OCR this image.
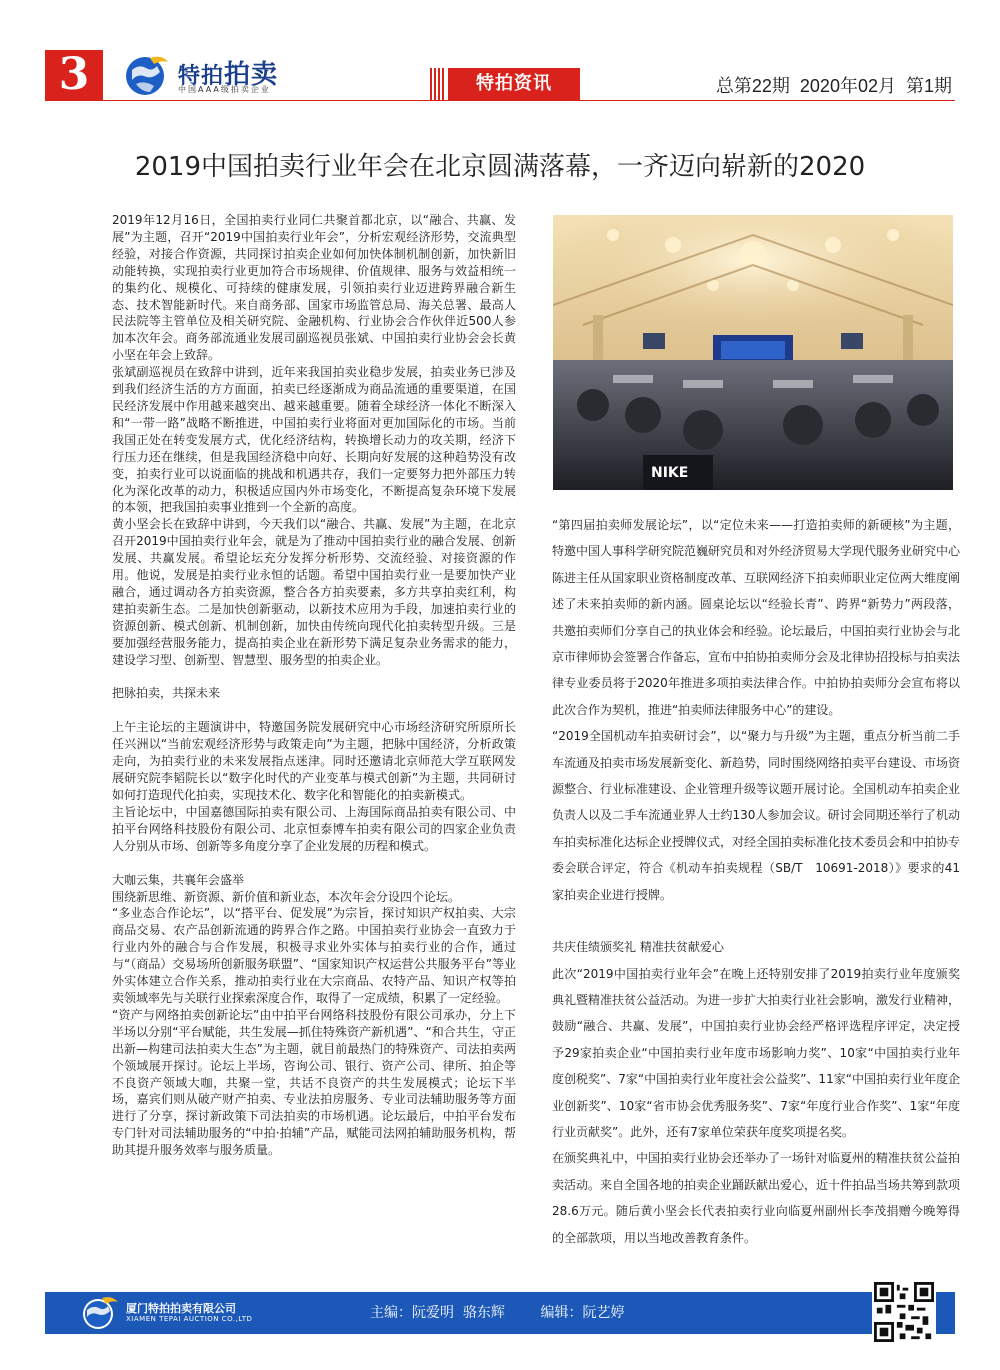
3	特拍拍卖
中国AAA级拍卖企业	特拍资讯	总第22期  2020年02月  第1期
2019中国拍卖行业年会在北京圆满落幕，一齐迈向崭新的2020

2019年12月16日，全国拍卖行业同仁共聚首都北京，以“融合、共赢、发展”为主题，召开“2019中国拍卖行业年会”，分析宏观经济形势，交流典型经验，对接合作资源，共同探讨拍卖企业如何加快体制机制创新，加快新旧动能转换，实现拍卖行业更加符合市场规律、价值规律、服务与效益相统一的集约化、规模化、可持续的健康发展，引领拍卖行业迈进跨界融合新生态、技术智能新时代。来自商务部、国家市场监管总局、海关总署、最高人民法院等主管单位及相关研究院、金融机构、行业协会合作伙伴近500人参加本次年会。商务部流通业发展司副巡视员张斌、中国拍卖行业协会会长黄小坚在年会上致辞。

张斌副巡视员在致辞中讲到，近年来我国拍卖业稳步发展，拍卖业务已涉及到我们经济生活的方方面面，拍卖已经逐渐成为商品流通的重要渠道，在国民经济发展中作用越来越突出、越来越重要。随着全球经济一体化不断深入和“一带一路”战略不断推进，中国拍卖行业将面对更加国际化的市场。当前我国正处在转变发展方式，优化经济结构，转换增长动力的攻关期，经济下行压力还在继续，但是我国经济稳中向好、长期向好发展的这种趋势没有改变，拍卖行业可以说面临的挑战和机遇共存，我们一定要努力把外部压力转化为深化改革的动力，积极适应国内外市场变化，不断提高复杂环境下发展的本领，把我国拍卖事业推到一个全新的高度。

黄小坚会长在致辞中讲到，今天我们以“融合、共赢、发展”为主题，在北京召开2019中国拍卖行业年会，就是为了推动中国拍卖行业的融合发展、创新发展、共赢发展。希望论坛充分发挥分析形势、交流经验、对接资源的作用。他说，发展是拍卖行业永恒的话题。希望中国拍卖行业一是要加快产业融合，通过调动各方拍卖资源，整合各方拍卖要素，多方共享拍卖红利，构建拍卖新生态。二是加快创新驱动，以新技术应用为手段，加速拍卖行业的资源创新、模式创新、机制创新，加快由传统向现代化拍卖转型升级。三是要加强经营服务能力，提高拍卖企业在新形势下满足复杂业务需求的能力，建设学习型、创新型、智慧型、服务型的拍卖企业。

把脉拍卖，共探未来

上午主论坛的主题演讲中，特邀国务院发展研究中心市场经济研究所原所长任兴洲以“当前宏观经济形势与政策走向”为主题，把脉中国经济，分析政策走向，为拍卖行业的未来发展指点迷津。同时还邀请北京师范大学互联网发展研究院李韬院长以“数字化时代的产业变革与模式创新”为主题，共同研讨如何打造现代化拍卖，实现技术化、数字化和智能化的拍卖新模式。

主旨论坛中，中国嘉德国际拍卖有限公司、上海国际商品拍卖有限公司、中拍平台网络科技股份有限公司、北京恒泰博车拍卖有限公司的四家企业负责人分别从市场、创新等多角度分享了企业发展的历程和模式。

大咖云集，共襄年会盛举

围绕新思维、新资源、新价值和新业态，本次年会分设四个论坛。

“多业态合作论坛”，以“搭平台、促发展”为宗旨，探讨知识产权拍卖、大宗商品交易、农产品创新流通的跨界合作之路。中国拍卖行业协会一直致力于行业内外的融合与合作发展，积极寻求业外实体与拍卖行业的合作，通过与“（商品）交易场所创新服务联盟”、“国家知识产权运营公共服务平台”等业外实体建立合作关系，推动拍卖行业在大宗商品、农特产品、知识产权等拍卖领域率先与关联行业探索深度合作，取得了一定成绩，积累了一定经验。

“资产与网络拍卖创新论坛”由中拍平台网络科技股份有限公司承办，分上下半场以分别“平台赋能，共生发展—抓住特殊资产新机遇”、“和合共生，守正出新—构建司法拍卖大生态”为主题，就目前最热门的特殊资产、司法拍卖两个领域展开探讨。论坛上半场，咨询公司、银行、资产公司、律所、拍企等不良资产领域大咖，共聚一堂，共话不良资产的共生发展模式；论坛下半场，嘉宾们则从破产财产拍卖、专业法拍房服务、专业司法辅助服务等方面进行了分享，探讨新政策下司法拍卖的市场机遇。论坛最后，中拍平台发布专门针对司法辅助服务的“中拍·拍辅”产品，赋能司法网拍辅助服务机构，帮助其提升服务效率与服务质量。

NIKE

“第四届拍卖师发展论坛”，以“定位未来——打造拍卖师的新硬核”为主题，特邀中国人事科学研究院范巍研究员和对外经济贸易大学现代服务业研究中心陈进主任从国家职业资格制度改革、互联网经济下拍卖师职业定位两大维度阐述了未来拍卖师的新内涵。圆桌论坛以“经验长青”、跨界“新势力”两段落，共邀拍卖师们分享自己的执业体会和经验。论坛最后，中国拍卖行业协会与北京市律师协会签署合作备忘，宣布中拍协拍卖师分会及北律协招投标与拍卖法律专业委员将于2020年推进多项拍卖法律合作。中拍协拍卖师分会宣布将以此次合作为契机，推进“拍卖师法律服务中心”的建设。

“2019全国机动车拍卖研讨会”，以“聚力与升级”为主题，重点分析当前二手车流通及拍卖市场发展新变化、新趋势，同时围绕网络拍卖平台建设、市场资源整合、行业标准建设、企业管理升级等议题开展讨论。全国机动车拍卖企业负责人以及二手车流通业界人士约130人参加会议。研讨会同期还举行了机动车拍卖标准化达标企业授牌仪式，对经全国拍卖标准化技术委员会和中拍协专委会联合评定，符合《机动车拍卖规程（SB/T　10691-2018）》要求的41家拍卖企业进行授牌。

共庆佳绩颁奖礼 精准扶贫献爱心

此次“2019中国拍卖行业年会”在晚上还特别安排了2019拍卖行业年度颁奖典礼暨精准扶贫公益活动。为进一步扩大拍卖行业社会影响，激发行业精神，鼓励“融合、共赢、发展”，中国拍卖行业协会经严格评选程序评定，决定授予29家拍卖企业“中国拍卖行业年度市场影响力奖”、10家“中国拍卖行业年度创税奖”、7家“中国拍卖行业年度社会公益奖”、11家“中国拍卖行业年度企业创新奖”、10家“省市协会优秀服务奖”、7家“年度行业合作奖”、1家“年度行业贡献奖”。此外，还有7家单位荣获年度奖项提名奖。

在颁奖典礼中，中国拍卖行业协会还举办了一场针对临夏州的精准扶贫公益拍卖活动。来自全国各地的拍卖企业踊跃献出爱心，近十件拍品当场共筹到款项28.6万元。随后黄小坚会长代表拍卖行业向临夏州副州长李茂捐赠今晚筹得的全部款项，用以当地改善教育条件。

厦门特拍拍卖有限公司
XIAMEN TEPAI AUCTION CO.,LTD	主编：阮爱明  骆东辉        编辑：阮艺婷
